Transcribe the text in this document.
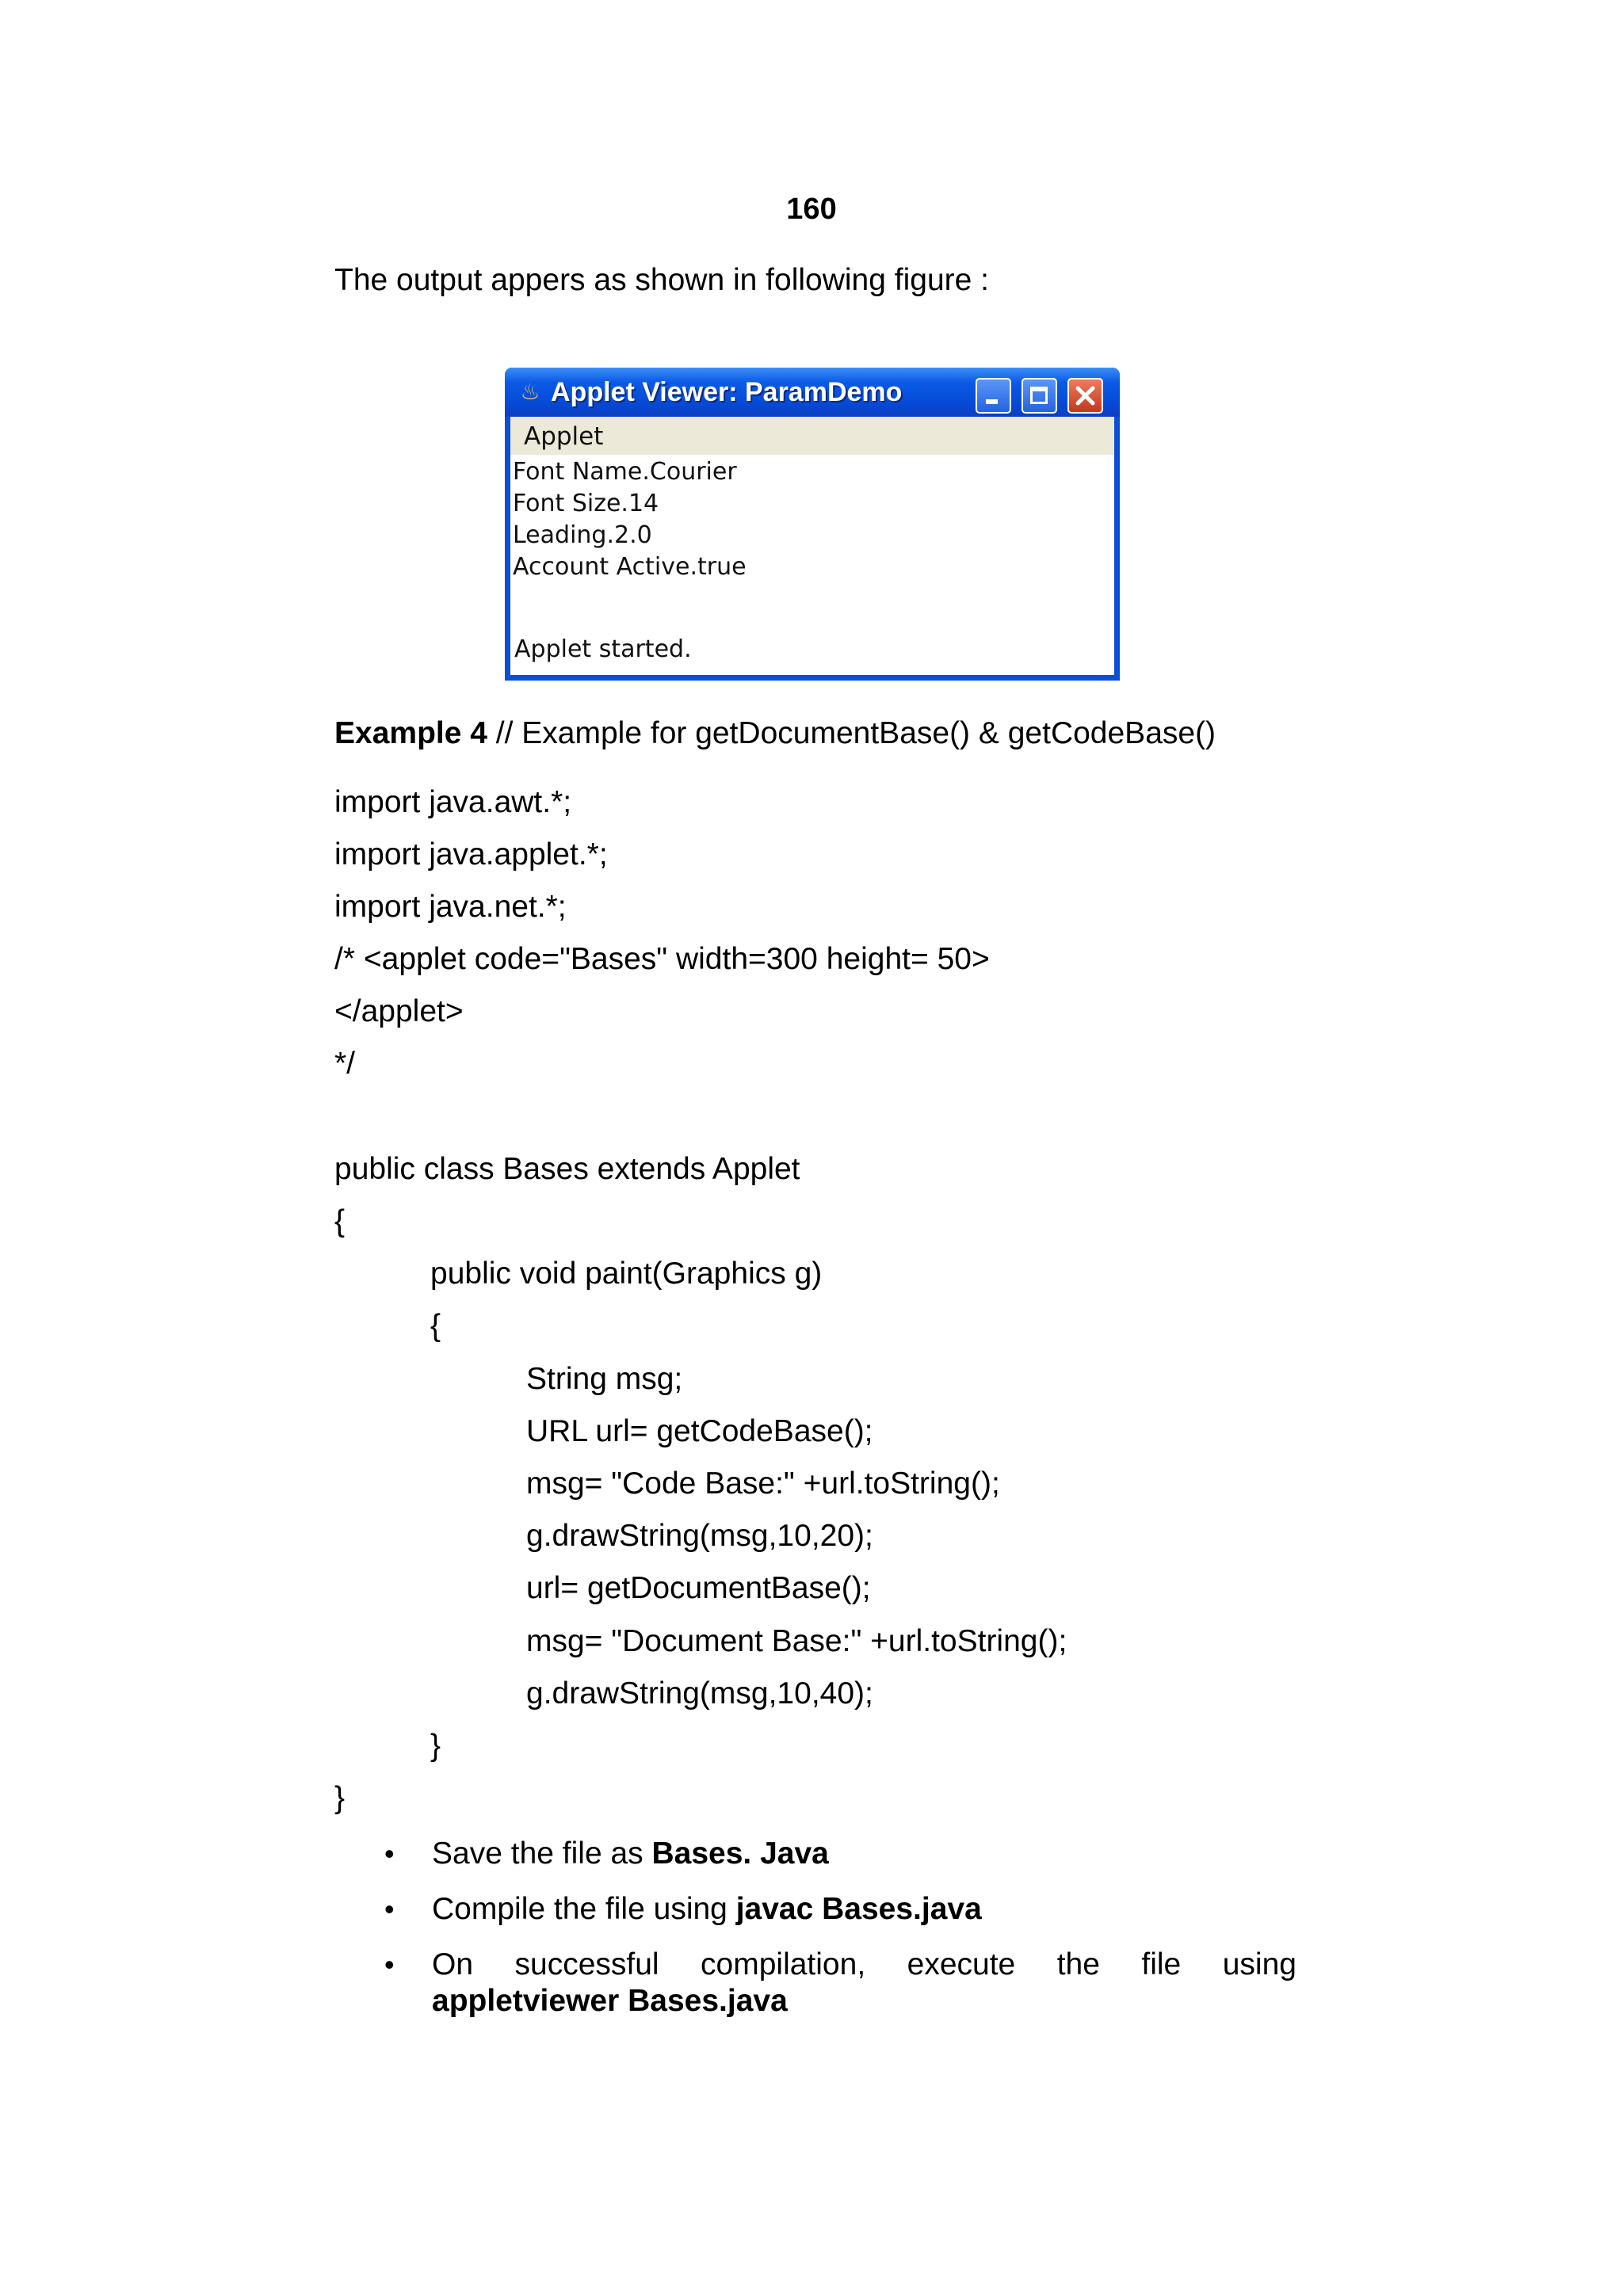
160
The output appers as shown in following figure :
♨ Applet Viewer: ParamDemo
Applet
Font Name.Courier
Font Size.14
Leading.2.0
Account Active.true
Applet started.
Example 4 // Example for getDocumentBase() & getCodeBase()
import java.awt.*;
import java.applet.*;
import java.net.*;
/* <applet code="Bases" width=300 height= 50>
</applet>
*/
public class Bases extends Applet
{
public void paint(Graphics g)
{
String msg;
URL url= getCodeBase();
msg= "Code Base:" +url.toString();
g.drawString(msg,10,20);
url= getDocumentBase();
msg= "Document Base:" +url.toString();
g.drawString(msg,10,40);
}
}
• Save the file as Bases. Java
• Compile the file using javac Bases.java
• On successful compilation, execute the file using
appletviewer Bases.java
